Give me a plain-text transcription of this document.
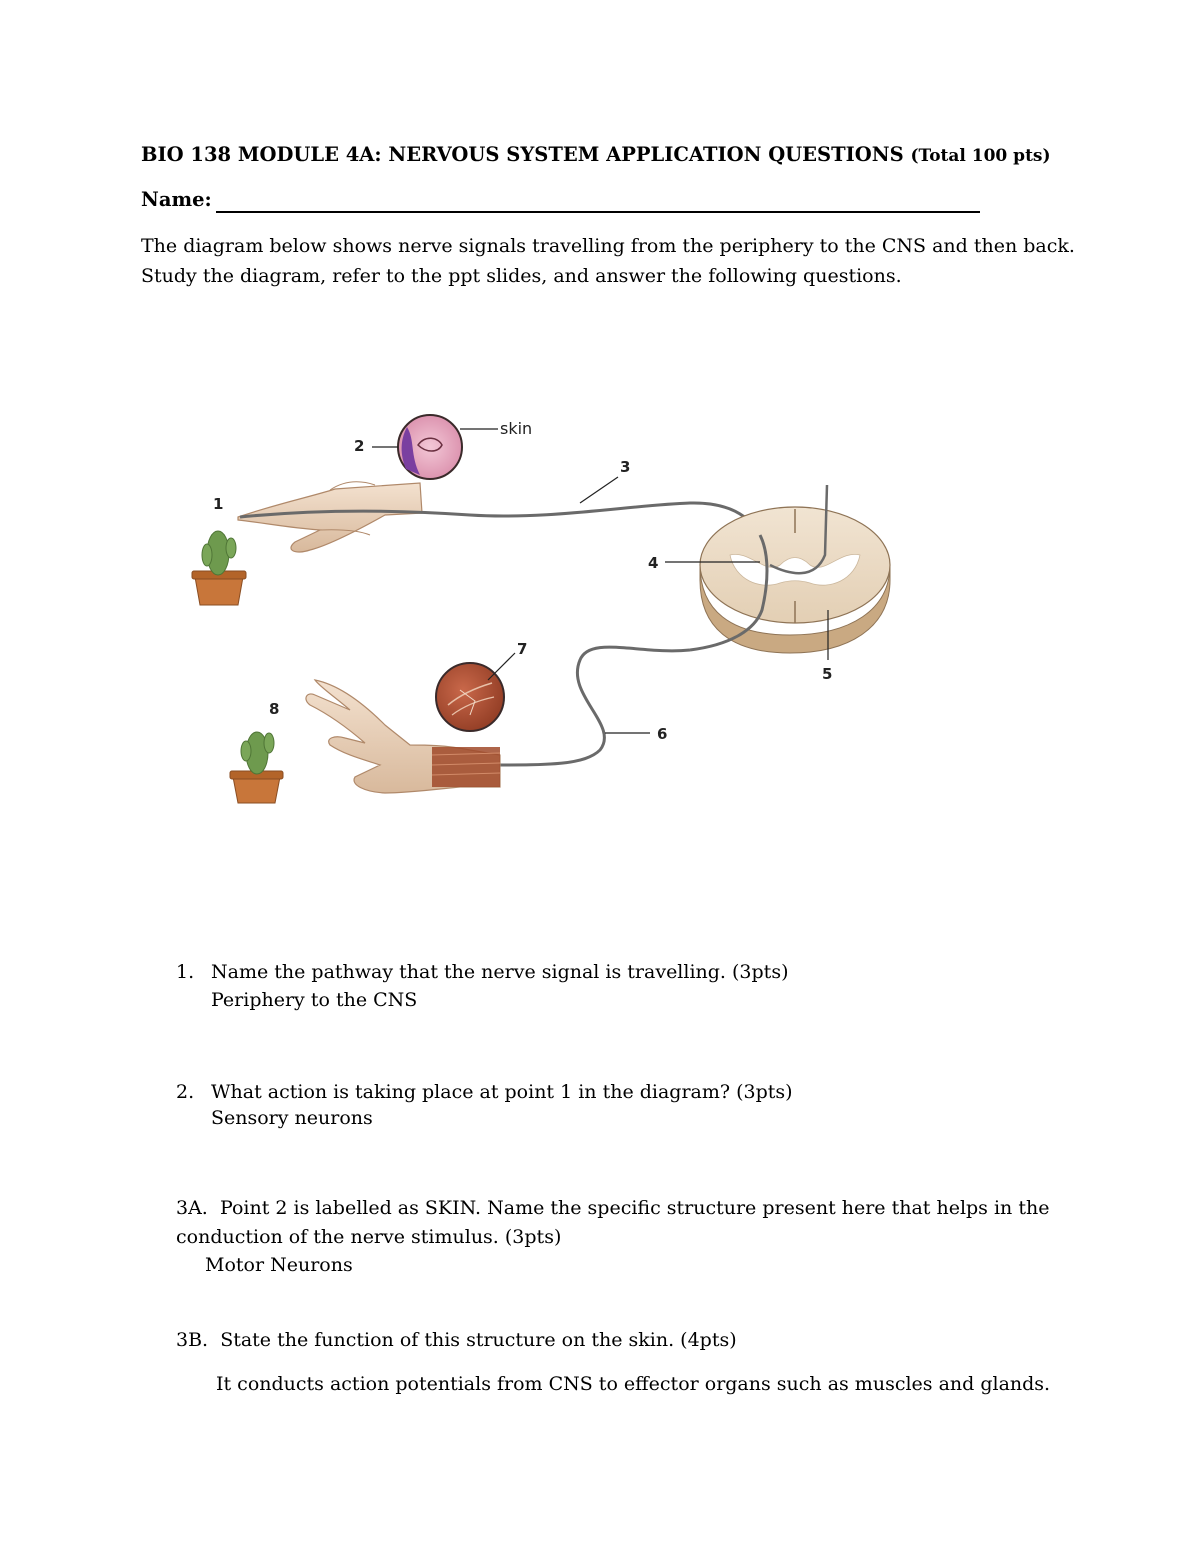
BIO 138 MODULE 4A: NERVOUS SYSTEM APPLICATION QUESTIONS (Total 100 pts)
Name:
The diagram below shows nerve signals travelling from the periphery to the CNS and then back.
Study the diagram, refer to the ppt slides, and answer the following questions.
1
2
3
4
5
6
7
8
skin
1. Name the pathway that the nerve signal is travelling. (3pts)
Periphery to the CNS
2. What action is taking place at point 1 in the diagram? (3pts)
Sensory neurons
3A. Point 2 is labelled as SKIN. Name the specific structure present here that helps in the
conduction of the nerve stimulus. (3pts)
Motor Neurons
3B. State the function of this structure on the skin. (4pts)
It conducts action potentials from CNS to effector organs such as muscles and glands.
